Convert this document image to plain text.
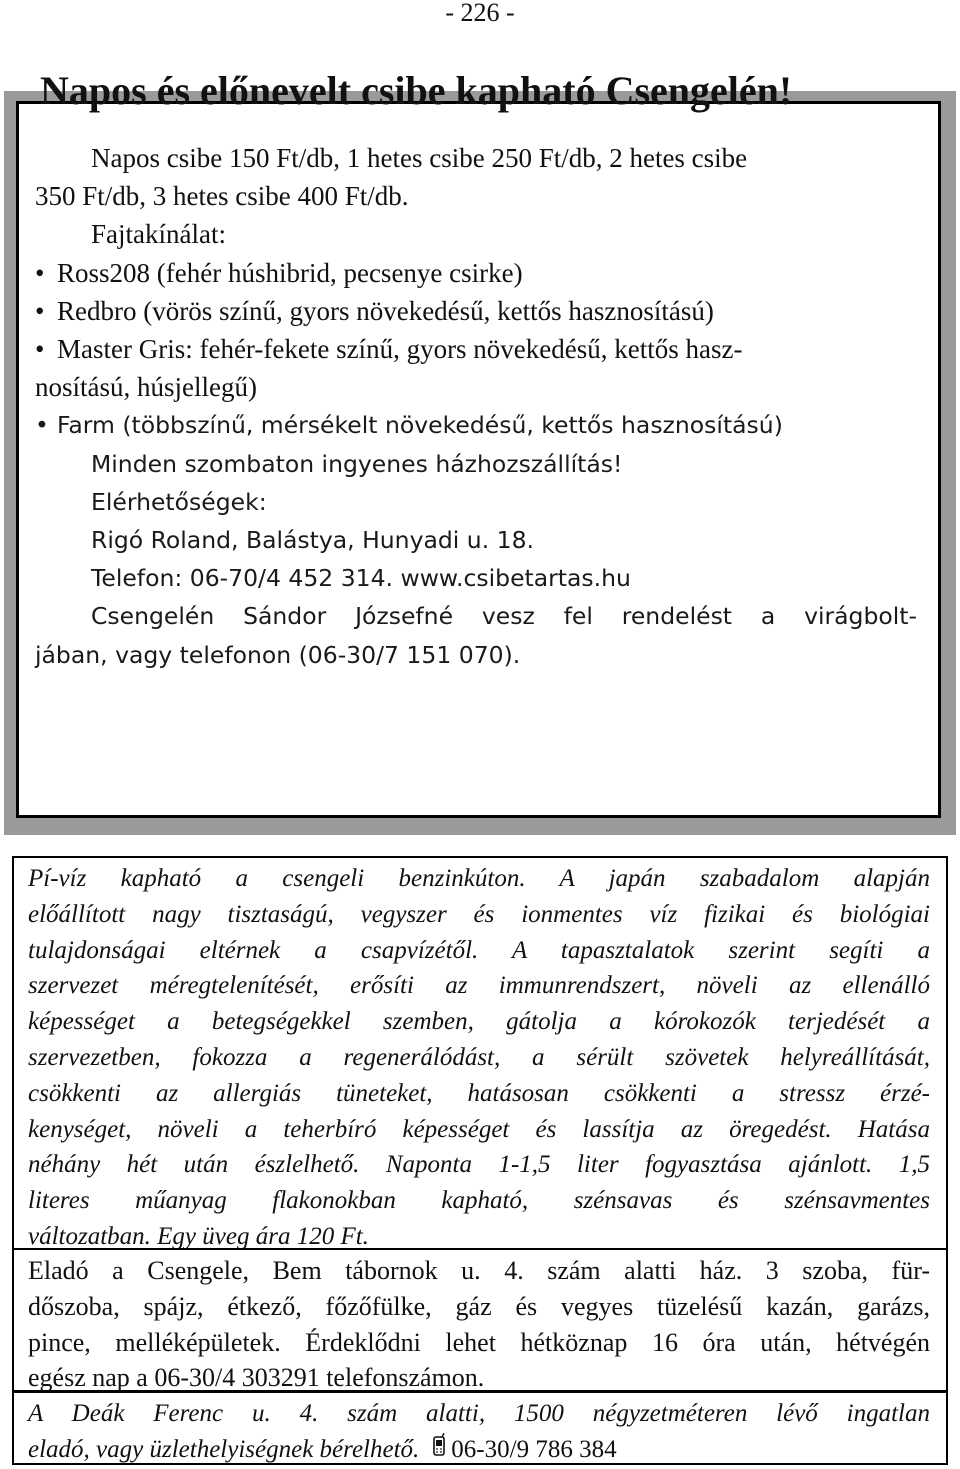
- 226 -
Napos és előnevelt csibe kapható Csengelén!
Napos csibe 150 Ft/db, 1 hetes csibe 250 Ft/db, 2 hetes csibe
350 Ft/db, 3 hetes csibe 400 Ft/db.
Fajtakínálat:
• Ross208 (fehér húshibrid, pecsenye csirke)
• Redbro (vörös színű, gyors növekedésű, kettős hasznosítású)
• Master Gris: fehér-fekete színű, gyors növekedésű, kettős hasz-
nosítású, húsjellegű)
• Farm (többszínű, mérsékelt növekedésű, kettős hasznosítású)
Minden szombaton ingyenes házhozszállítás!
Elérhetőségek:
Rigó Roland, Balástya, Hunyadi u. 18.
Telefon: 06-70/4 452 314. www.csibetartas.hu
Csengelén Sándor Józsefné vesz fel rendelést a virágbolt-
jában, vagy telefonon (06-30/7 151 070).
Pí-víz kapható a csengeli benzinkúton. A japán szabadalom alapján
előállított nagy tisztaságú, vegyszer és ionmentes víz fizikai és biológiai
tulajdonságai eltérnek a csapvízétől. A tapasztalatok szerint segíti a
szervezet méregtelenítését, erősíti az immunrendszert, növeli az ellenálló
képességet a betegségekkel szemben, gátolja a kórokozók terjedését a
szervezetben, fokozza a regenerálódást, a sérült szövetek helyreállítását,
csökkenti az allergiás tüneteket, hatásosan csökkenti a stressz érzé-
kenységet, növeli a teherbíró képességet és lassítja az öregedést. Hatása
néhány hét után észlelhető. Naponta 1-1,5 liter fogyasztása ajánlott. 1,5
literes műanyag flakonokban kapható, szénsavas és szénsavmentes
változatban. Egy üveg ára 120 Ft.
Eladó a Csengele, Bem tábornok u. 4. szám alatti ház. 3 szoba, für-
dőszoba, spájz, étkező, főzőfülke, gáz és vegyes tüzelésű kazán, garázs,
pince, melléképületek. Érdeklődni lehet hétköznap 16 óra után, hétvégén
egész nap a 06-30/4 303291 telefonszámon.
A Deák Ferenc u. 4. szám alatti, 1500 négyzetméteren lévő ingatlan
eladó, vagy üzlethelyiségnek bérelhető. 06-30/9 786 384
